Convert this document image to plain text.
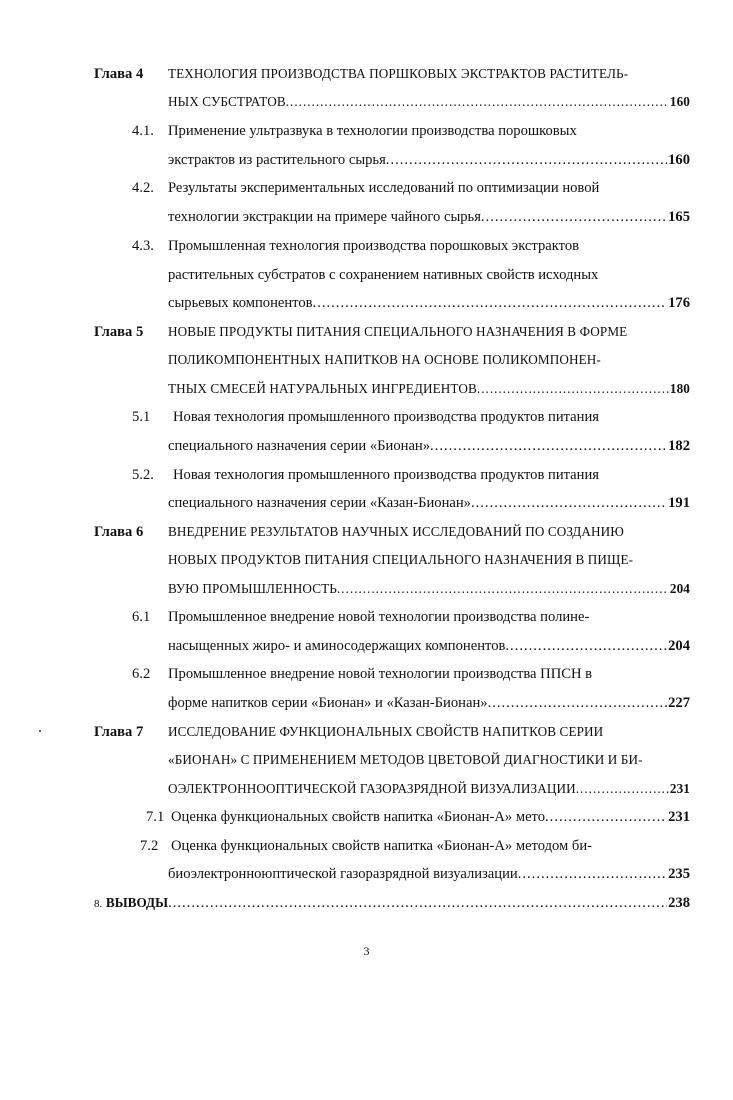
Глава 4 ТЕХНОЛОГИЯ ПРОИЗВОДСТВА ПОРШКОВЫХ ЭКСТРАКТОВ РАСТИТЕЛЬ-
НЫХ СУБСТРАТОВ .....	160
4.1. Применение ультразвука в технологии производства порошковых
экстрактов из растительного сырья .....	160
4.2. Результаты экспериментальных исследований по оптимизации новой
технологии экстракции на примере чайного сырья .....	165
4.3. Промышленная технология производства порошковых экстрактов
растительных субстратов с сохранением нативных свойств исходных
сырьевых компонентов .....	176
Глава 5 НОВЫЕ ПРОДУКТЫ ПИТАНИЯ СПЕЦИАЛЬНОГО НАЗНАЧЕНИЯ В ФОРМЕ
ПОЛИКОМПОНЕНТНЫХ НАПИТКОВ НА ОСНОВЕ ПОЛИКОМПОНЕН-
ТНЫХ СМЕСЕЙ НАТУРАЛЬНЫХ ИНГРЕДИЕНТОВ .....	180
5.1 Новая технология промышленного производства продуктов питания
специального назначения серии «Бионан» .....	182
5.2. Новая технология промышленного производства продуктов питания
специального назначения серии «Казан-Бионан» .....	191
Глава 6 ВНЕДРЕНИЕ РЕЗУЛЬТАТОВ НАУЧНЫХ ИССЛЕДОВАНИЙ ПО СОЗДАНИЮ
НОВЫХ ПРОДУКТОВ ПИТАНИЯ СПЕЦИАЛЬНОГО НАЗНАЧЕНИЯ В ПИЩЕ-
ВУЮ ПРОМЫШЛЕННОСТЬ .....	204
6.1 Промышленное внедрение новой технологии производства полине-
насыщенных жиро- и аминосодержащих компонентов .....	204
6.2 Промышленное внедрение новой технологии производства ППСН в
форме напитков серии «Бионан» и «Казан-Бионан» .....	227
Глава 7 ИССЛЕДОВАНИЕ ФУНКЦИОНАЛЬНЫХ СВОЙСТВ НАПИТКОВ СЕРИИ
«БИОНАН» С ПРИМЕНЕНИЕМ МЕТОДОВ ЦВЕТОВОЙ ДИАГНОСТИКИ И БИ-
ОЭЛЕКТРОННООПТИЧЕСКОЙ ГАЗОРАЗРЯДНОЙ ВИЗУАЛИЗАЦИИ .....	231
7.1 Оценка функциональных свойств напитка «Бионан-А» мето .....	231
7.2 Оценка функциональных свойств напитка «Бионан-А» методом би-
биоэлектронноюптической газоразрядной визуализации .....	235
8. ВЫВОДЫ .....	238
3
